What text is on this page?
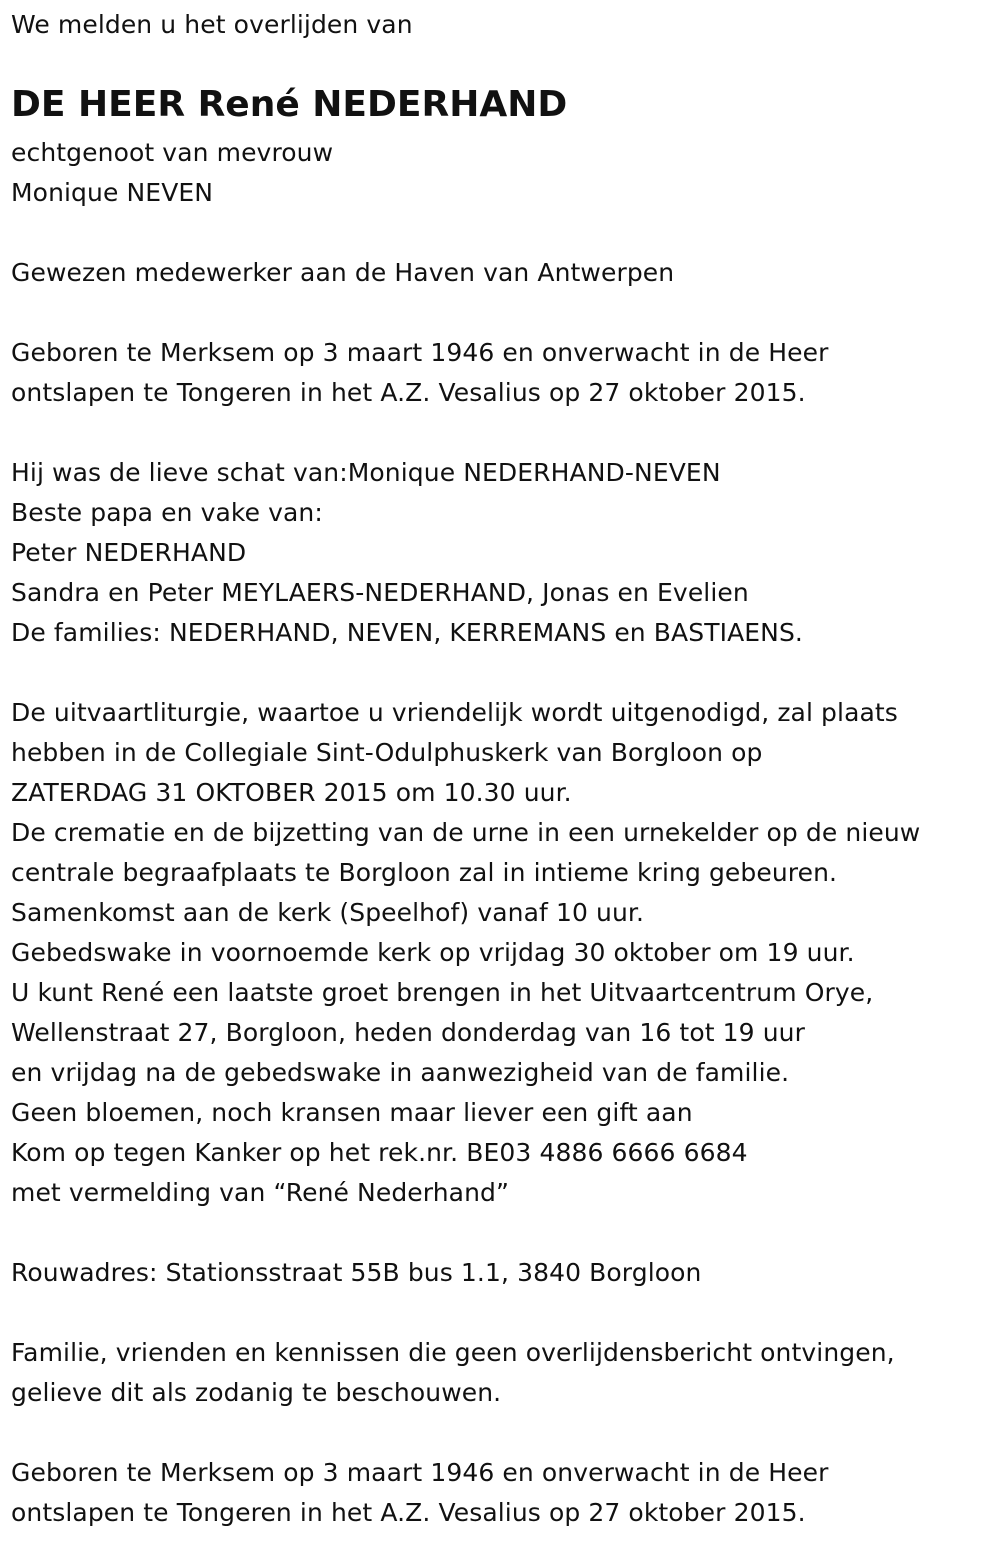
We melden u het overlijden van
DE HEER René NEDERHAND
echtgenoot van mevrouw
Monique NEVEN
Gewezen medewerker aan de Haven van Antwerpen
Geboren te Merksem op 3 maart 1946 en onverwacht in de Heer
ontslapen te Tongeren in het A.Z. Vesalius op 27 oktober 2015.
Hij was de lieve schat van:Monique NEDERHAND-NEVEN
Beste papa en vake van:
Peter NEDERHAND
Sandra en Peter MEYLAERS-NEDERHAND, Jonas en Evelien
De families: NEDERHAND, NEVEN, KERREMANS en BASTIAENS.
De uitvaartliturgie, waartoe u vriendelijk wordt uitgenodigd, zal plaats
hebben in de Collegiale Sint-Odulphuskerk van Borgloon op
ZATERDAG 31 OKTOBER 2015 om 10.30 uur.
De crematie en de bijzetting van de urne in een urnekelder op de nieuw
centrale begraafplaats te Borgloon zal in intieme kring gebeuren.
Samenkomst aan de kerk (Speelhof) vanaf 10 uur.
Gebedswake in voornoemde kerk op vrijdag 30 oktober om 19 uur.
U kunt René een laatste groet brengen in het Uitvaartcentrum Orye,
Wellenstraat 27, Borgloon, heden donderdag van 16 tot 19 uur
en vrijdag na de gebedswake in aanwezigheid van de familie.
Geen bloemen, noch kransen maar liever een gift aan
Kom op tegen Kanker op het rek.nr. BE03 4886 6666 6684
met vermelding van “René Nederhand”
Rouwadres: Stationsstraat 55B bus 1.1, 3840 Borgloon
Familie, vrienden en kennissen die geen overlijdensbericht ontvingen,
gelieve dit als zodanig te beschouwen.
Geboren te Merksem op 3 maart 1946 en onverwacht in de Heer
ontslapen te Tongeren in het A.Z. Vesalius op 27 oktober 2015.
